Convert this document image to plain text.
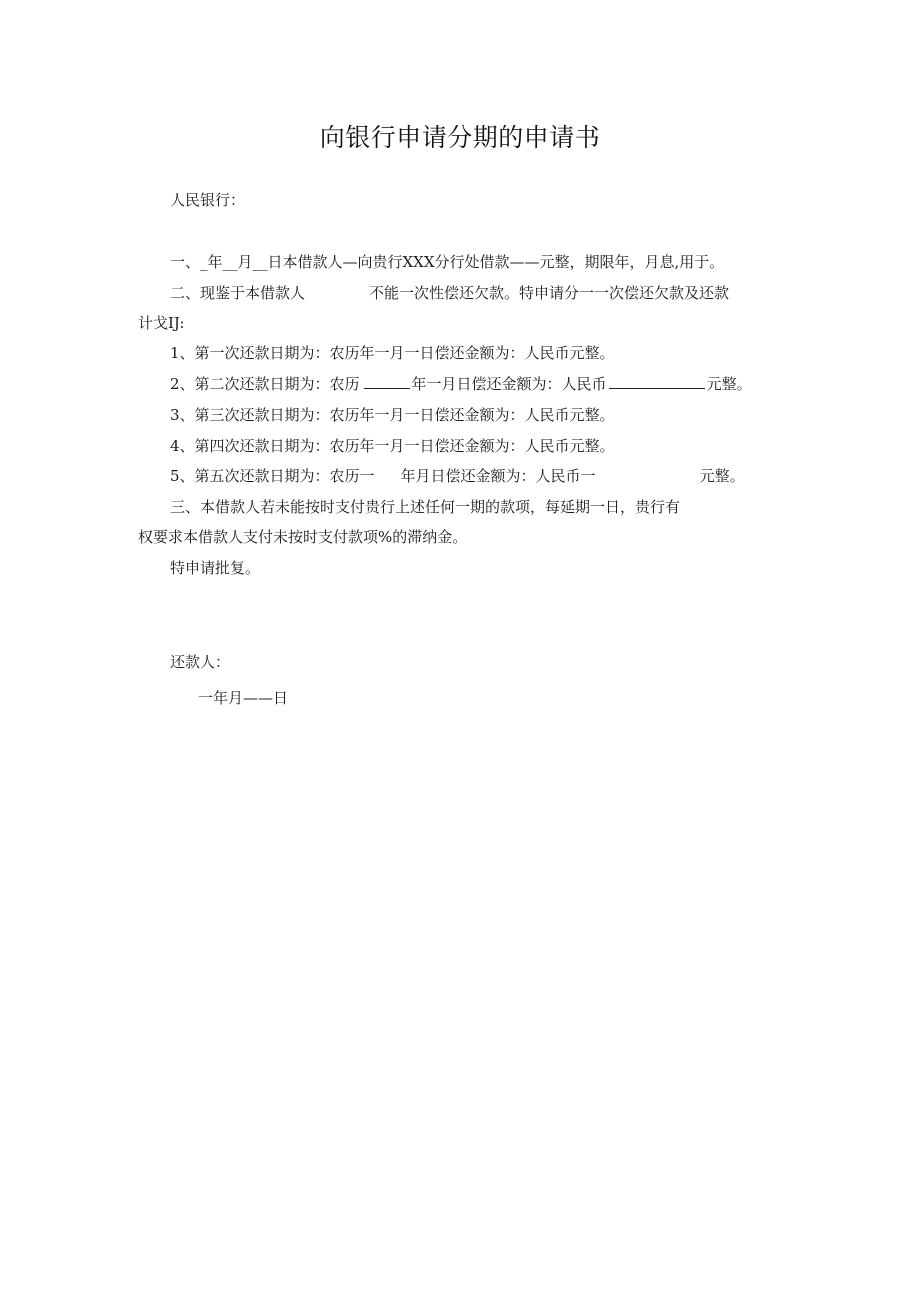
向银行申请分期的申请书
人民银行：
一、_年__月__日本借款人—向贵行XXX分行处借款——元整，期限年，月息,用于。
二、现鉴于本借款人	不能一次性偿还欠款。特申请分一一次偿还欠款及还款
计戈IJ:
1、第一次还款日期为：农历年一月一日偿还金额为：人民币元整。
2、第二次还款日期为：农历	年一月日偿还金额为：人民币	元整。
3、第三次还款日期为：农历年一月一日偿还金额为：人民币元整。
4、第四次还款日期为：农历年一月一日偿还金额为：人民币元整。
5、第五次还款日期为：农历一 年月日偿还金额为：人民币一	元整。
三、本借款人若未能按时支付贵行上述任何一期的款项，每延期一日，贵行有
权要求本借款人支付未按时支付款项%的滞纳金。
特申请批复。
还款人：
一年月——日
